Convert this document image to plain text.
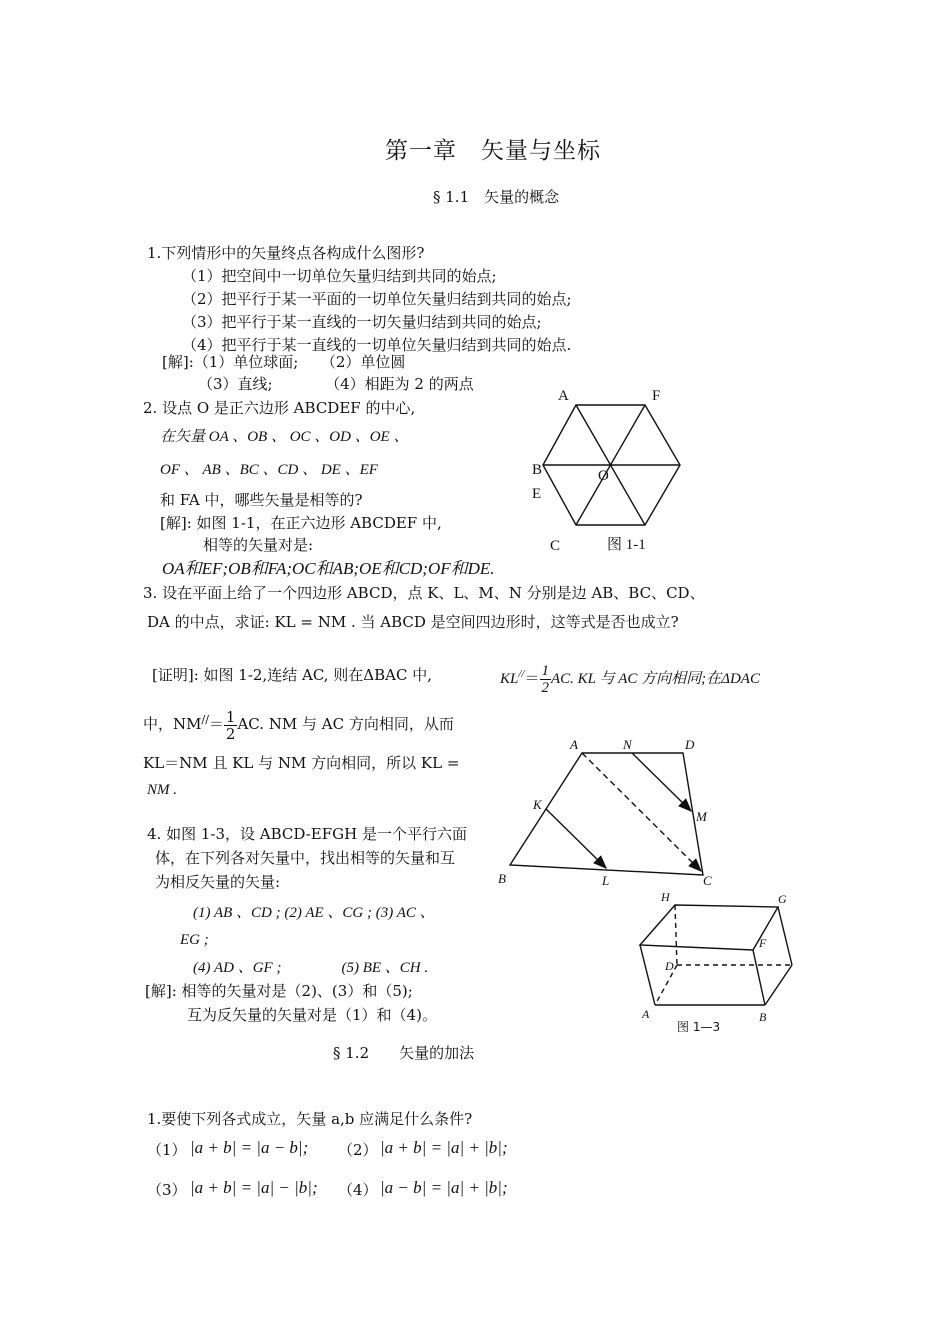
第一章　矢量与坐标
§ 1.1　矢量的概念
1.下列情形中的矢量终点各构成什么图形?
（1）把空间中一切单位矢量归结到共同的始点;
（2）把平行于某一平面的一切单位矢量归结到共同的始点;
（3）把平行于某一直线的一切矢量归结到共同的始点;
（4）把平行于某一直线的一切单位矢量归结到共同的始点.
[解]:（1）单位球面;　　（2）单位圆
（3）直线;　　　　（4）相距为 2 的两点
2. 设点 O 是正六边形 ABCDEF 的中心,
在矢量 OA 、OB 、 OC 、OD 、OE 、
OF 、 AB 、BC 、CD 、 DE 、EF
和 FA 中，哪些矢量是相等的?
[解]: 如图 1-1，在正六边形 ABCDEF 中,
相等的矢量对是:
OA和EF;OB和FA;OC和AB;OE和CD;OF和DE.
A	F
B
E
O
C	图 1-1
3. 设在平面上给了一个四边形 ABCD，点 K、L、M、N 分别是边 AB、BC、CD、
DA 的中点，求证: KL = NM . 当 ABCD 是空间四边形时，这等式是否也成立?
[证明]: 如图 1-2,连结 AC, 则在ΔBAC 中,	$KL^{//}= \frac{1}{2}$ AC. KL 与 AC 方向相同;在ΔDAC
中，$NM^{//}= \frac{1}{2}$ AC. NM 与 AC 方向相同，从而
KL＝NM 且 KL 与 NM 方向相同，所以 KL =
NM .
A	N	D
K
M
B	L	C
4. 如图 1-3，设 ABCD-EFGH 是一个平行六面
体，在下列各对矢量中，找出相等的矢量和互
为相反矢量的矢量:
(1) AB 、CD ; (2) AE 、CG ; (3) AC 、
EG ;
(4) AD 、GF ;　　　　(5) BE 、CH .
[解]: 相等的矢量对是（2)、(3）和（5);
互为反矢量的矢量对是（1）和（4)。
H	G
F
D
A	B
图 1—3
§ 1.2　　矢量的加法
1.要使下列各式成立，矢量 a,b 应满足什么条件?
（1） |a + b| = |a − b|; （2） |a + b| = |a| + |b|;
（3） |a + b| = |a| − |b|; （4） |a − b| = |a| + |b|;
